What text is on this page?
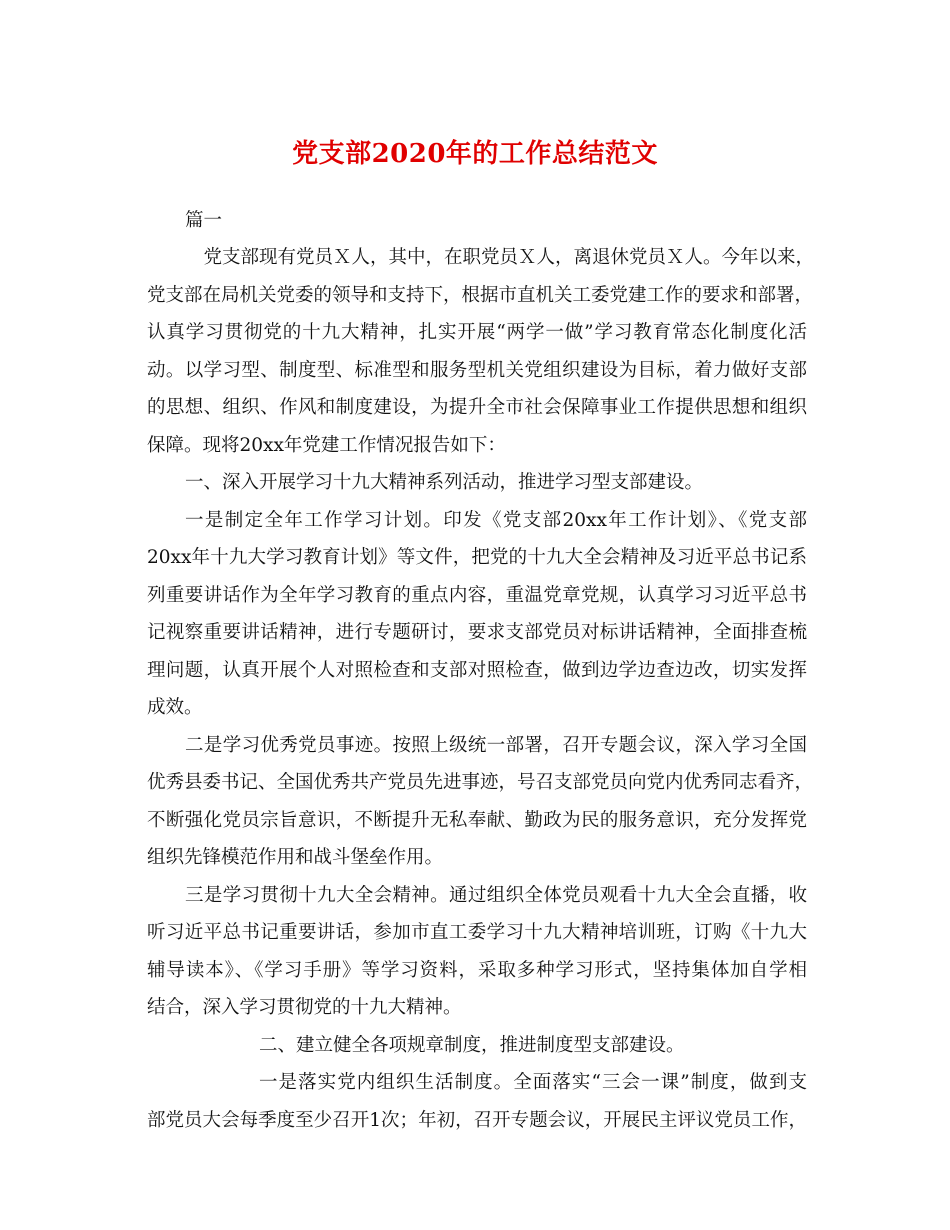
党支部2020年的工作总结范文
篇一
　党支部现有党员Ｘ人，其中，在职党员Ｘ人，离退休党员Ｘ人。今年以来，
党支部在局机关党委的领导和支持下，根据市直机关工委党建工作的要求和部署，
认真学习贯彻党的十九大精神，扎实开展“两学一做”学习教育常态化制度化活
动。以学习型、制度型、标准型和服务型机关党组织建设为目标，着力做好支部
的思想、组织、作风和制度建设，为提升全市社会保障事业工作提供思想和组织
保障。现将20xx年党建工作情况报告如下：
一、深入开展学习十九大精神系列活动，推进学习型支部建设。
一是制定全年工作学习计划。印发《党支部20xx年工作计划》、《党支部
20xx年十九大学习教育计划》等文件，把党的十九大全会精神及习近平总书记系
列重要讲话作为全年学习教育的重点内容，重温党章党规，认真学习习近平总书
记视察重要讲话精神，进行专题研讨，要求支部党员对标讲话精神，全面排查梳
理问题，认真开展个人对照检查和支部对照检查，做到边学边查边改，切实发挥
成效。
二是学习优秀党员事迹。按照上级统一部署，召开专题会议，深入学习全国
优秀县委书记、全国优秀共产党员先进事迹，号召支部党员向党内优秀同志看齐，
不断强化党员宗旨意识，不断提升无私奉献、勤政为民的服务意识，充分发挥党
组织先锋模范作用和战斗堡垒作用。
三是学习贯彻十九大全会精神。通过组织全体党员观看十九大全会直播，收
听习近平总书记重要讲话，参加市直工委学习十九大精神培训班，订购《十九大
辅导读本》、《学习手册》等学习资料，采取多种学习形式，坚持集体加自学相
结合，深入学习贯彻党的十九大精神。
二、建立健全各项规章制度，推进制度型支部建设。
一是落实党内组织生活制度。全面落实“三会一课”制度，做到支
部党员大会每季度至少召开1次；年初，召开专题会议，开展民主评议党员工作，
